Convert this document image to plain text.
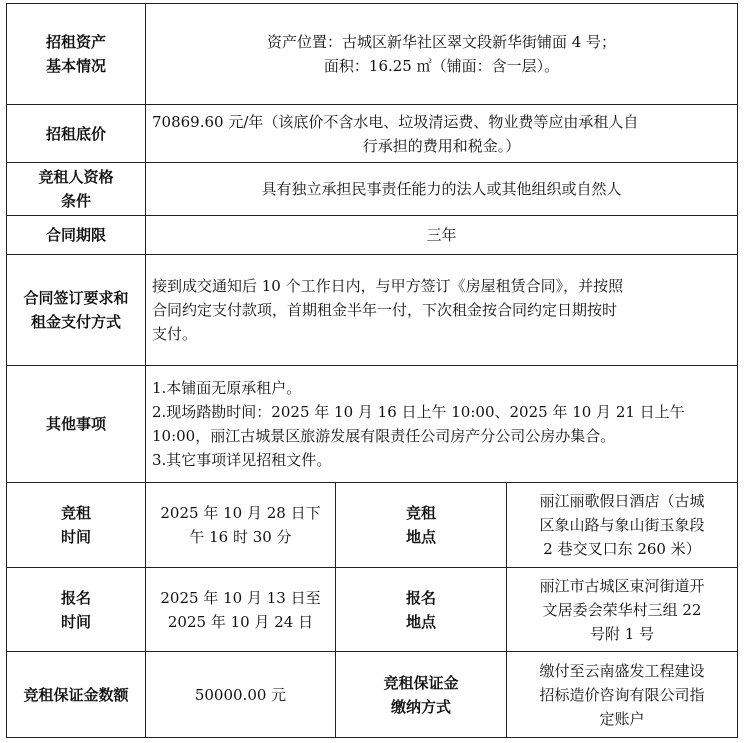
招租资产
基本情况	资产位置：古城区新华社区翠文段新华街铺面 4 号；
面积：16.25 ㎡（铺面：含一层）。		

招租底价	70869.60 元/年（该底价不含水电、垃圾清运费、物业费等应由承租人自
行承担的费用和税金。）		

竞租人资格
条件	具有独立承担民事责任能力的法人或其他组织或自然人		
合同期限	三年		

合同签订要求和
租金支付方式	接到成交通知后 10 个工作日内，与甲方签订《房屋租赁合同》，并按照
合同约定支付款项，首期租金半年一付，下次租金按合同约定日期按时
支付。		

其他事项	1.本铺面无原承租户。
2.现场踏勘时间：2025 年 10 月 16 日上午 10:00、2025 年 10 月 21 日上午
10:00，丽江古城景区旅游发展有限责任公司房产分公司公房办集合。
3.其它事项详见招租文件。		

竞租
时间	2025 年 10 月 28 日下
午 16 时 30 分	竞租
地点	丽江丽歌假日酒店（古城
区象山路与象山街玉象段
2 巷交叉口东 260 米）

报名
时间	2025 年 10 月 13 日至
2025 年 10 月 24 日	报名
地点	丽江市古城区束河街道开
文居委会荣华村三组 22
号附 1 号

竞租保证金数额	50000.00 元	竞租保证金
缴纳方式	缴付至云南盛发工程建设
招标造价咨询有限公司指
定账户
